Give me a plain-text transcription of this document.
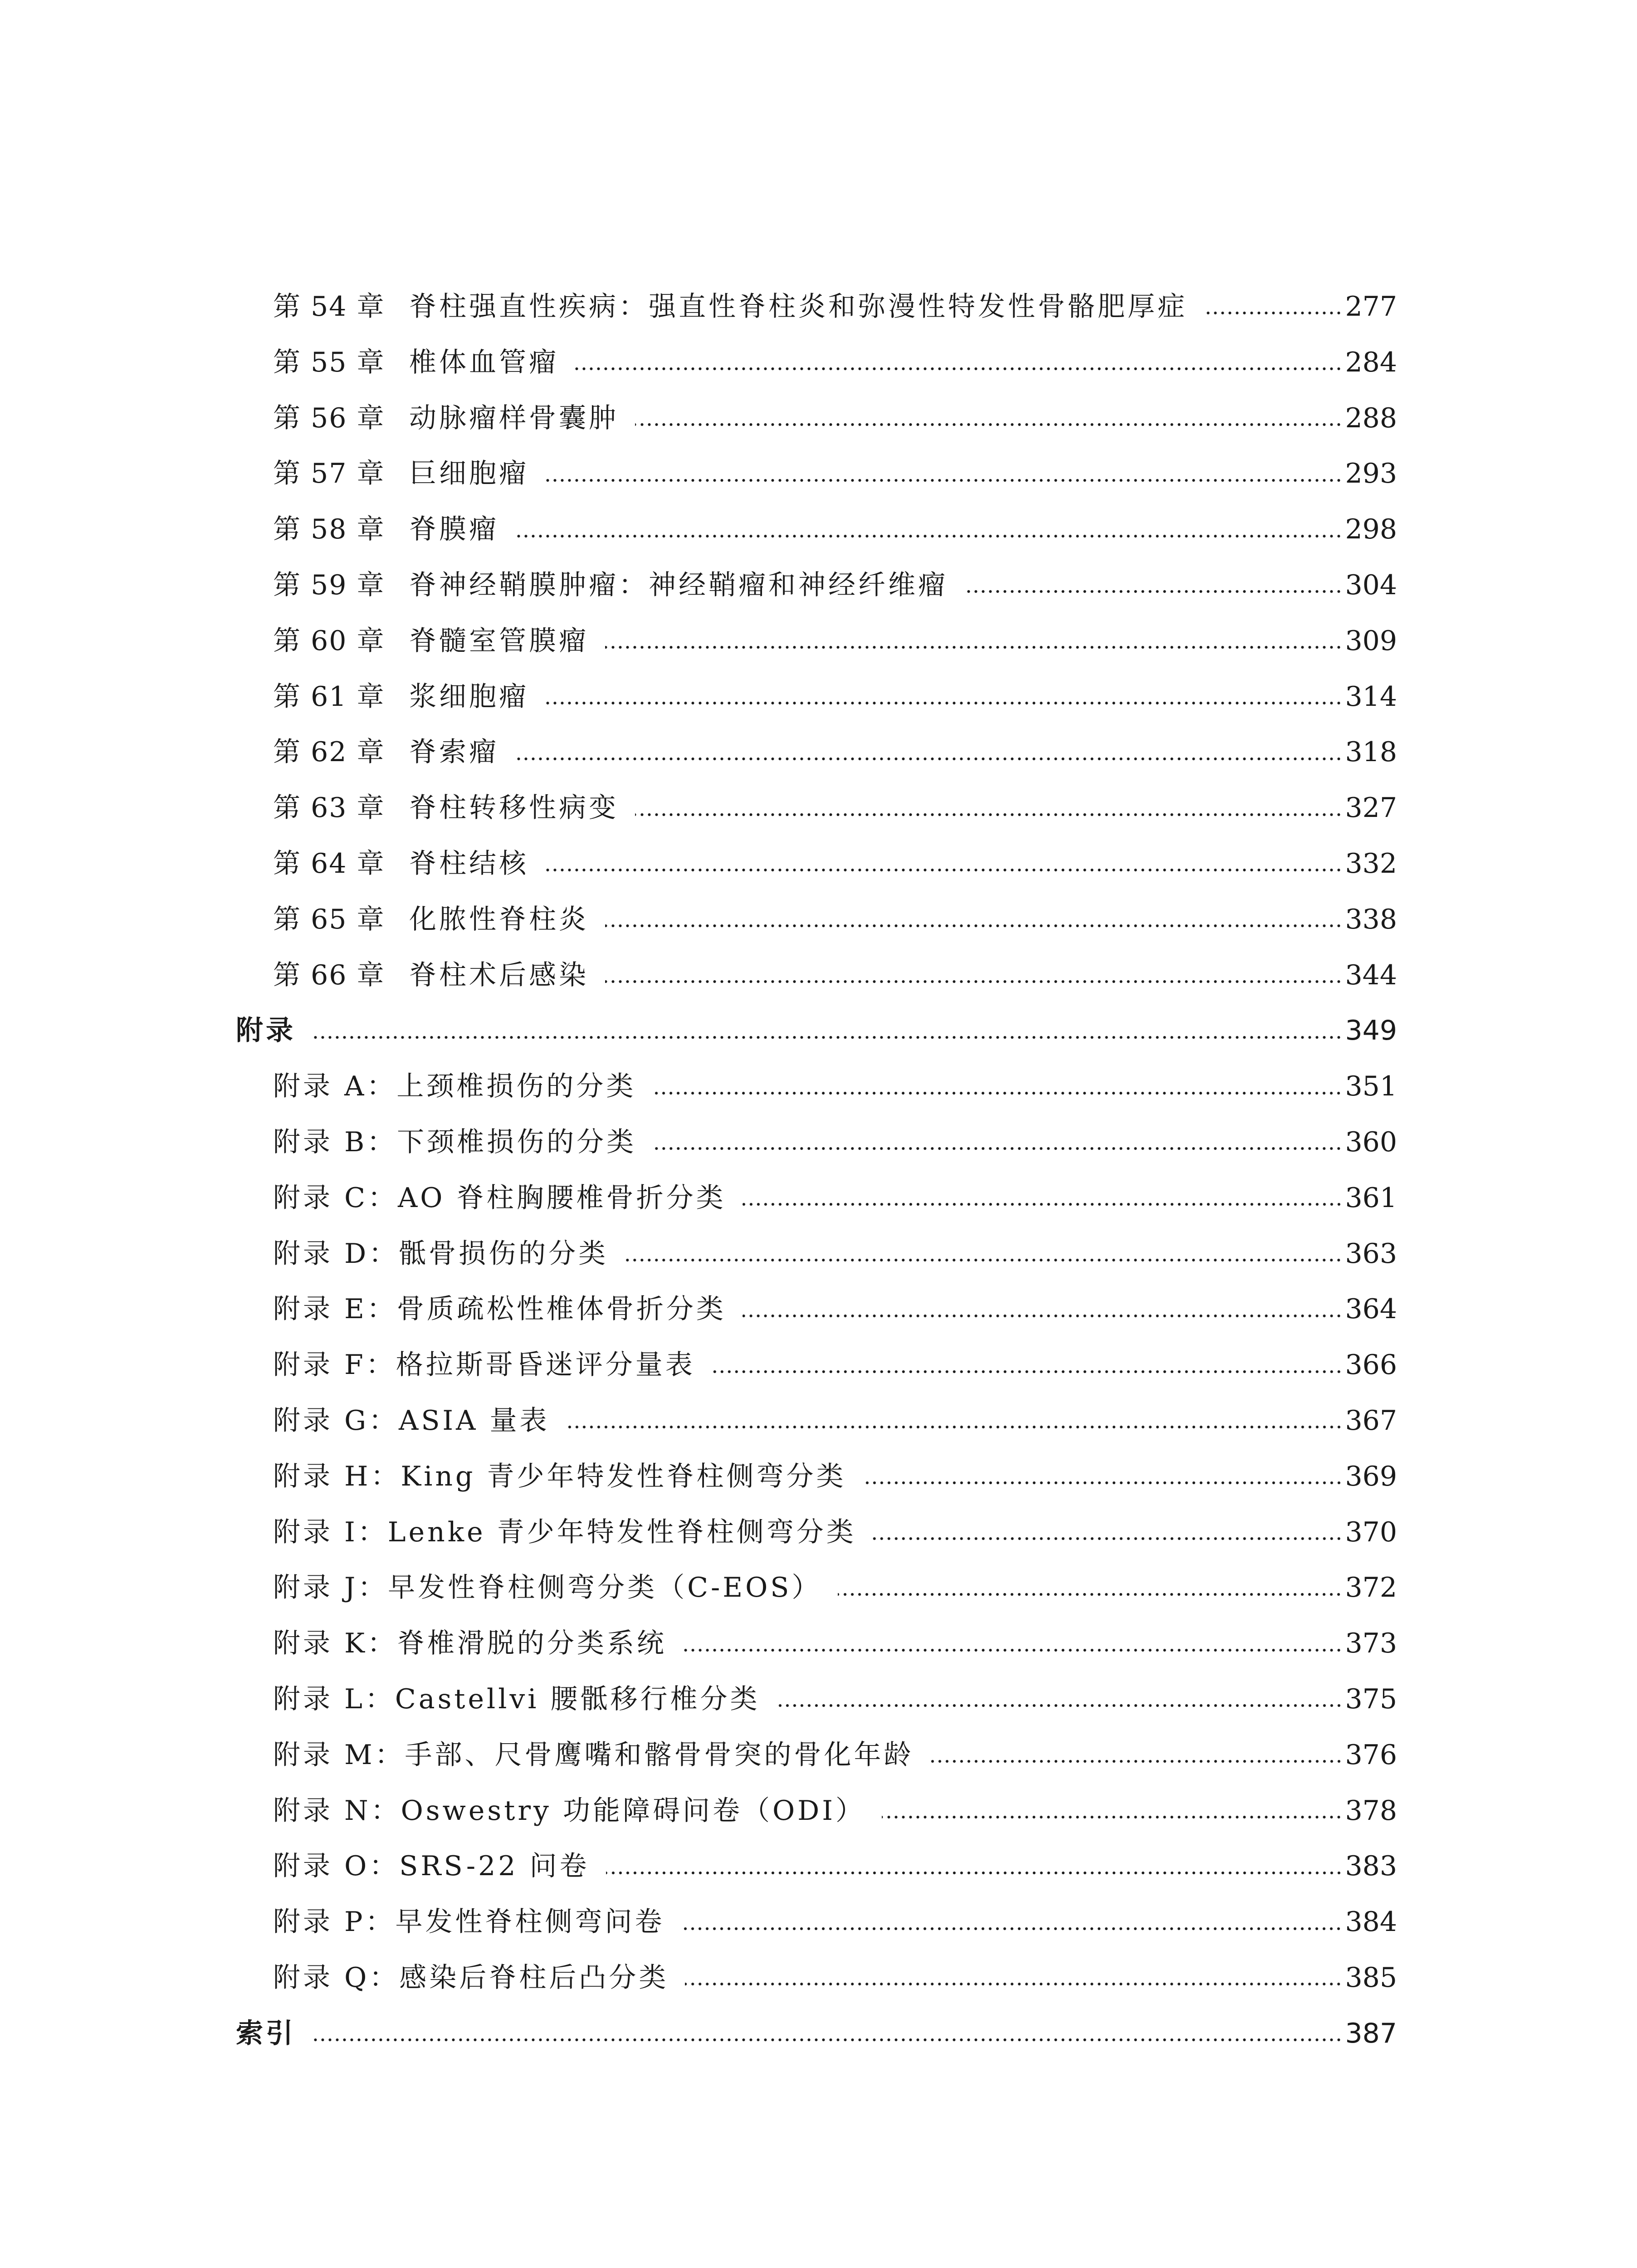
第 54 章 脊柱强直性疾病：强直性脊柱炎和弥漫性特发性骨骼肥厚症	277
第 55 章 椎体血管瘤	284
第 56 章 动脉瘤样骨囊肿	288
第 57 章 巨细胞瘤	293
第 58 章 脊膜瘤	298
第 59 章 脊神经鞘膜肿瘤：神经鞘瘤和神经纤维瘤	304
第 60 章 脊髓室管膜瘤	309
第 61 章 浆细胞瘤	314
第 62 章 脊索瘤	318
第 63 章 脊柱转移性病变	327
第 64 章 脊柱结核	332
第 65 章 化脓性脊柱炎	338
第 66 章 脊柱术后感染	344
附录	349
附录 A：上颈椎损伤的分类	351
附录 B：下颈椎损伤的分类	360
附录 C：AO 脊柱胸腰椎骨折分类	361
附录 D：骶骨损伤的分类	363
附录 E：骨质疏松性椎体骨折分类	364
附录 F：格拉斯哥昏迷评分量表	366
附录 G：ASIA 量表	367
附录 H：King 青少年特发性脊柱侧弯分类	369
附录 I：Lenke 青少年特发性脊柱侧弯分类	370
附录 J：早发性脊柱侧弯分类（C-EOS）	372
附录 K：脊椎滑脱的分类系统	373
附录 L：Castellvi 腰骶移行椎分类	375
附录 M：手部、尺骨鹰嘴和髂骨骨突的骨化年龄	376
附录 N：Oswestry 功能障碍问卷（ODI）	378
附录 O：SRS-22 问卷	383
附录 P：早发性脊柱侧弯问卷	384
附录 Q：感染后脊柱后凸分类	385
索引	387
